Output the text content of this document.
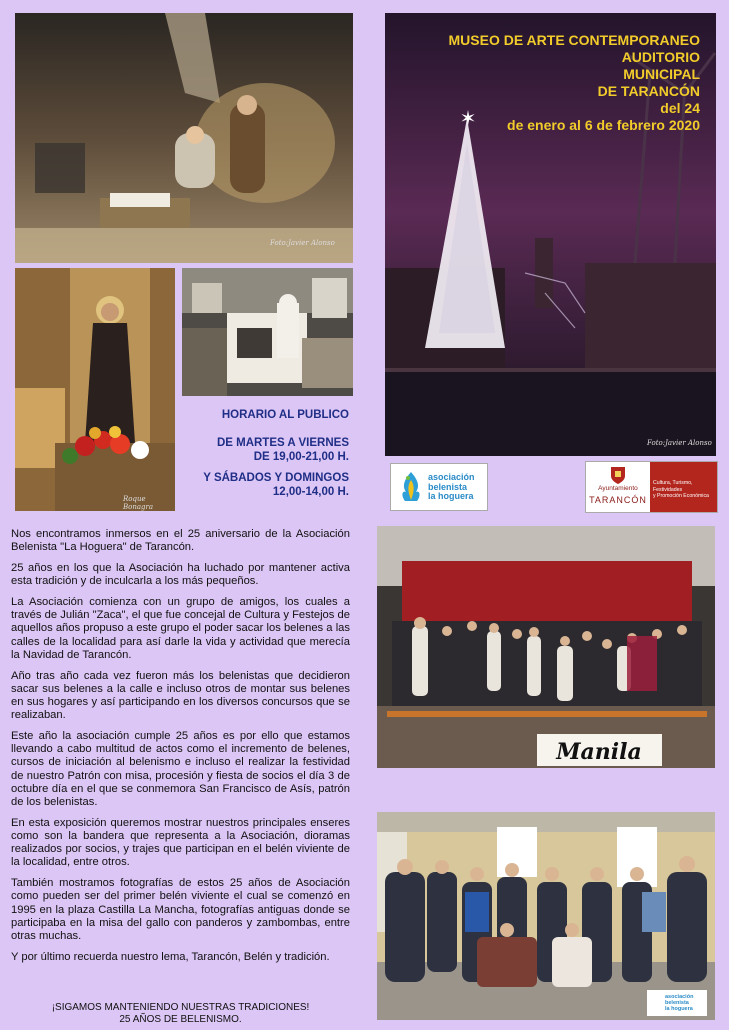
Foto:Javier Alonso
Roque Bonagra
HORARIO AL PUBLICO
DE MARTES A VIERNES
DE 19,00-21,00 H.
Y SÁBADOS Y DOMINGOS
12,00-14,00 H.
✶
MUSEO DE ARTE CONTEMPORANEO
AUDITORIO
MUNICIPAL
DE TARANCÓN
del 24
de enero al 6 de febrero 2020
Foto:Javier Alonso
asociación
belenista
la hoguera
Ayuntamiento
TARANCÓN
Cultura, Turismo, Festividades
y Promoción Económica

Nos encontramos inmersos en el 25 aniversario de la Asociación Belenista "La Hoguera" de Tarancón.

25 años en los que la Asociación ha luchado por mantener activa esta tradición y de inculcarla a los más pequeños.

La Asociación comienza con un grupo de amigos, los cuales a través de Julián "Zaca", el que fue concejal de Cultura y Festejos de aquellos años propuso a este grupo el poder sacar los belenes a las calles de la localidad para así darle la vida y actividad que merecía la Navidad de Tarancón.

Año tras año cada vez fueron más los belenistas que decidieron sacar sus belenes a la calle e incluso otros de montar sus belenes en sus hogares y así participando en los diversos concursos que se realizaban.

Este año la asociación cumple 25 años es por ello que estamos llevando a cabo multitud de actos como el incremento de belenes, cursos de iniciación al belenismo e incluso el realizar la festividad de nuestro Patrón con misa, procesión y fiesta de socios el día 3 de octubre día en el que se conmemora San Francisco de Asís, patrón de los belenistas.

En esta exposición queremos mostrar nuestros principales enseres como son la bandera que representa a la Asociación, dioramas realizados por socios, y trajes que participan en el belén viviente de la localidad, entre otros.

También mostramos fotografías de estos 25 años de Asociación como pueden ser del primer belén viviente el cual se comenzó en 1995 en la plaza Castilla La Mancha, fotografías antiguas donde se participaba en la misa del gallo con panderos y zambombas, entre otras muchas.

Y por último recuerda nuestro lema, Tarancón, Belén y tradición.

¡SIGAMOS MANTENIENDO NUESTRAS TRADICIONES!
25 AÑOS DE BELENISMO.
Manila
asociación
belenista
la hoguera
